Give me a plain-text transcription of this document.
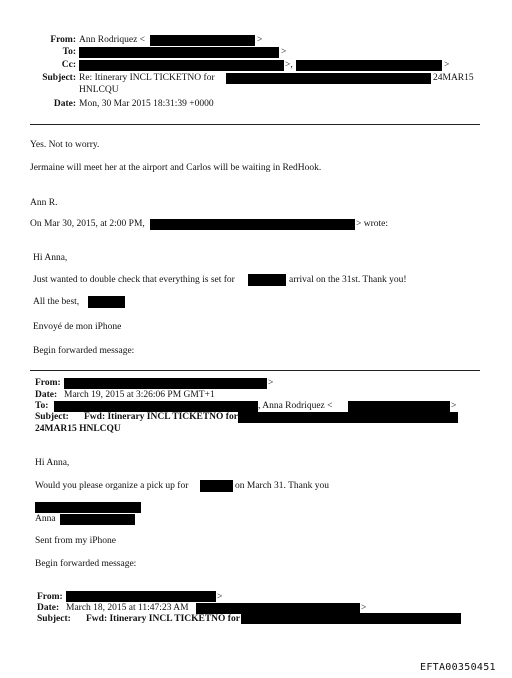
From: Ann Rodriquez <	>
To:	>
Cc:	>,	>
Subject: Re: Itinerary INCL TICKETNO for	24MAR15
HNLCQU
Date: Mon, 30 Mar 2015 18:31:39 +0000
Yes. Not to worry.
Jermaine will meet her at the airport and Carlos will be waiting in RedHook.
Ann R.
On Mar 30, 2015, at 2:00 PM,	> wrote:
Hi Anna,
Just wanted to double check that everything is set for	arrival on the 31st. Thank you!
All the best,
Envoyé de mon iPhone
Begin forwarded message:
From:	>
Date: March 19, 2015 at 3:26:06 PM GMT+1
To:	, Anna Rodriquez <	>
Subject: Fwd: Itinerary INCL TICKETNO for
24MAR15 HNLCQU
Hi Anna,
Would you please organize a pick up for	on March 31. Thank you
Anna
Sent from my iPhone
Begin forwarded message:
From:	>
Date: March 18, 2015 at 11:47:23 AM	>
Subject: Fwd: Itinerary INCL TICKETNO for
EFTA00350451
